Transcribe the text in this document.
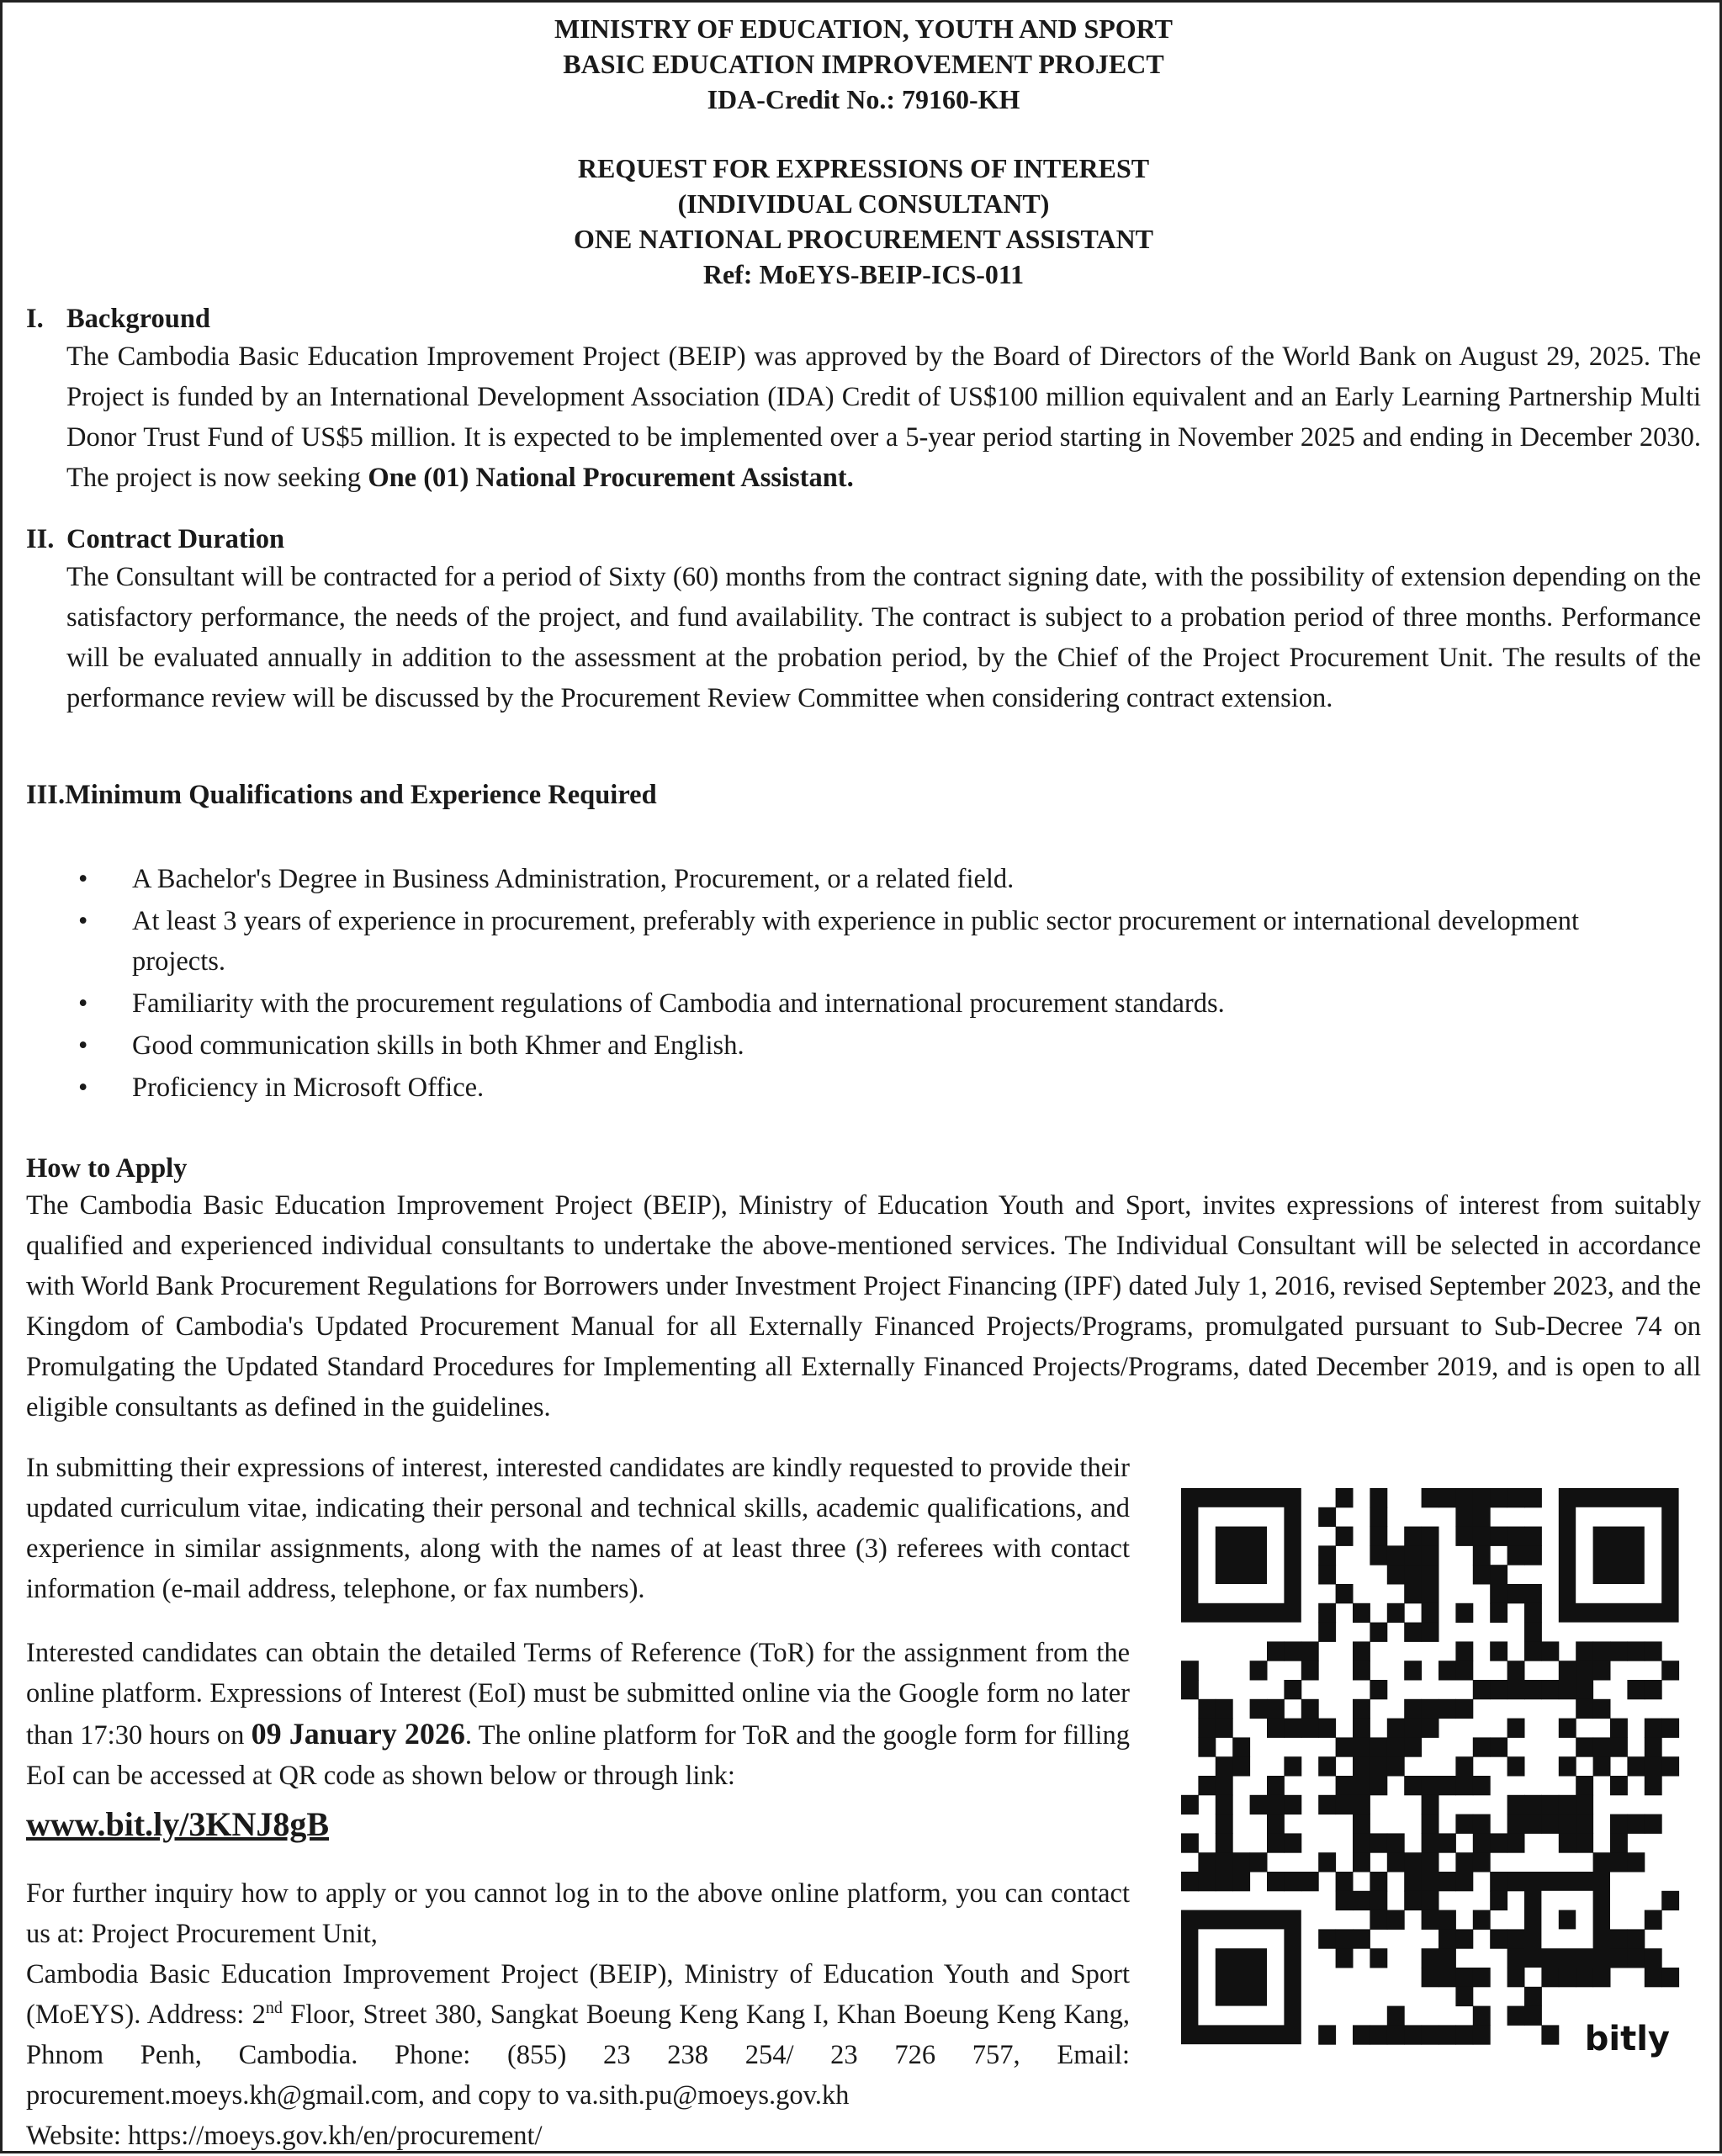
MINISTRY OF EDUCATION, YOUTH AND SPORT
BASIC EDUCATION IMPROVEMENT PROJECT
IDA-Credit No.: 79160-KH
REQUEST FOR EXPRESSIONS OF INTEREST
(INDIVIDUAL CONSULTANT)
ONE NATIONAL PROCUREMENT ASSISTANT
Ref: MoEYS-BEIP-ICS-011
I. Background
The Cambodia Basic Education Improvement Project (BEIP) was approved by the Board of Directors of the World Bank on August 29, 2025. The Project is funded by an International Development Association (IDA) Credit of US$100 million equivalent and an Early Learning Partnership Multi Donor Trust Fund of US$5 million. It is expected to be implemented over a 5-year period starting in November 2025 and ending in December 2030. The project is now seeking One (01) National Procurement Assistant.
II. Contract Duration
The Consultant will be contracted for a period of Sixty (60) months from the contract signing date, with the possibility of extension depending on the satisfactory performance, the needs of the project, and fund availability. The contract is subject to a probation period of three months. Performance will be evaluated annually in addition to the assessment at the probation period, by the Chief of the Project Procurement Unit. The results of the performance review will be discussed by the Procurement Review Committee when considering contract extension.
III.Minimum Qualifications and Experience Required
• A Bachelor's Degree in Business Administration, Procurement, or a related field.
• At least 3 years of experience in procurement, preferably with experience in public sector procurement or international development projects.
• Familiarity with the procurement regulations of Cambodia and international procurement standards.
• Good communication skills in both Khmer and English.
• Proficiency in Microsoft Office.
How to Apply
The Cambodia Basic Education Improvement Project (BEIP), Ministry of Education Youth and Sport, invites expressions of interest from suitably qualified and experienced individual consultants to undertake the above-mentioned services. The Individual Consultant will be selected in accordance with World Bank Procurement Regulations for Borrowers under Investment Project Financing (IPF) dated July 1, 2016, revised September 2023, and the Kingdom of Cambodia's Updated Procurement Manual for all Externally Financed Projects/Programs, promulgated pursuant to Sub-Decree 74 on Promulgating the Updated Standard Procedures for Implementing all Externally Financed Projects/Programs, dated December 2019, and is open to all eligible consultants as defined in the guidelines.
In submitting their expressions of interest, interested candidates are kindly requested to provide their updated curriculum vitae, indicating their personal and technical skills, academic qualifications, and experience in similar assignments, along with the names of at least three (3) referees with contact information (e-mail address, telephone, or fax numbers).
Interested candidates can obtain the detailed Terms of Reference (ToR) for the assignment from the online platform. Expressions of Interest (EoI) must be submitted online via the Google form no later than 17:30 hours on 09 January 2026. The online platform for ToR and the google form for filling EoI can be accessed at QR code as shown below or through link:
www.bit.ly/3KNJ8gB
For further inquiry how to apply or you cannot log in to the above online platform, you can contact us at: Project Procurement Unit,
Cambodia Basic Education Improvement Project (BEIP), Ministry of Education Youth and Sport (MoEYS). Address: 2nd Floor, Street 380, Sangkat Boeung Keng Kang I, Khan Boeung Keng Kang, Phnom Penh, Cambodia. Phone: (855) 23 238 254/ 23 726 757, Email: procurement.moeys.kh@gmail.com, and copy to va.sith.pu@moeys.gov.kh
Website: https://moeys.gov.kh/en/procurement/
bitly
